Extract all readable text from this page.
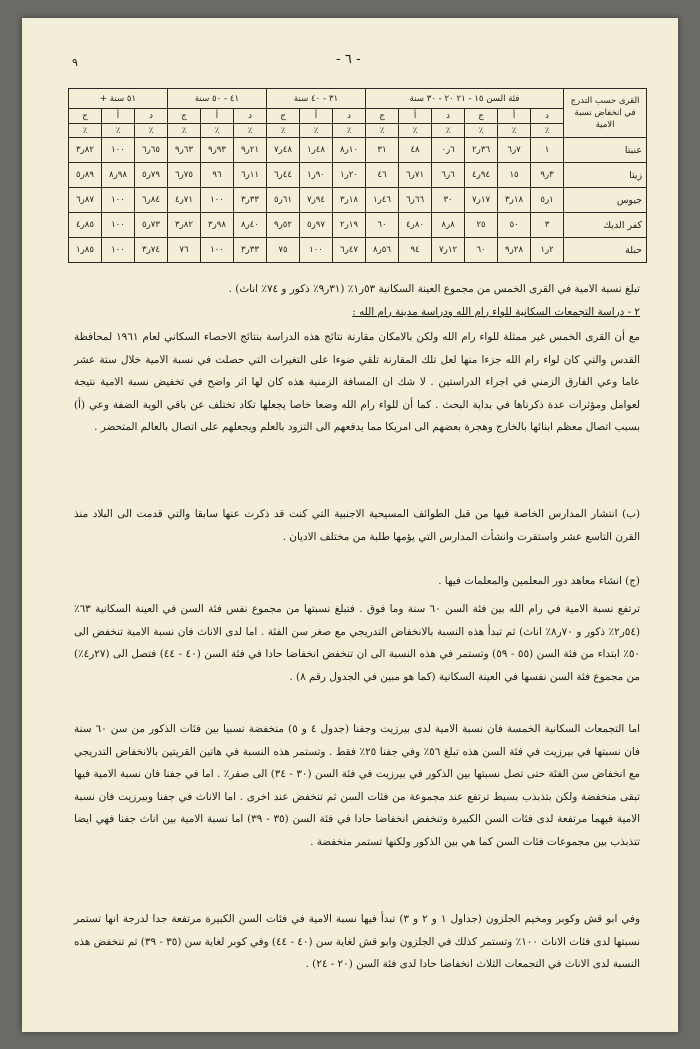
٩	- ٦ -
القرى حسب التدرج في انخفاض نسبة الامية	فئة السن ١٥ - ٢١ ٢٠ - ٣٠ سنة						٣١ - ٤٠ سنة			٤١ - ٥٠ سنة			٥١ سنة +		
	د	أ	ج	د	أ	ج	د	أ	ج	د	أ	ج	د	أ	ج
	٪	٪	٪	٪	٪	٪	٪	٪	٪	٪	٪	٪	٪	٪	٪
عنبتا	١	٧ر٦	٣٦ر٢	٦ر٠	٤٨	٣١	١٠ر٨	٤٨ر١	٤٨ر٧	٢١ر٩	٩٣ر٩	٦٣ر٩	٦٥ر٦	١٠٠	٨٢ر٣
زيتا	٣ر٩	١٥	٩٤ر٤	٦ر٦	٧١ر٦	٤٦	٢٠ر١	٩٠ر١	٤٤ر٦	١١ر٦	٩٦	٧٥ر٦	٧٩ر٥	٩٨ر٨	٨٩ر٥
جيوس	١ر٥	١٨ر٣	١٧ر٧	٣٠	٦٦ر٦	٤٦ر١	١٨ر٣	٩٤ر٧	٦١ر٥	٣٣ر٣	١٠٠	٧١ر٤	٨٤ر٦	١٠٠	٨٧ر٦
كفر الديك	٣	٥٠	٢٥	٨ر٨	٨٠ر٤	٦٠	١٩ر٢	٩٧ر٥	٥٢ر٩	٤٠ر٨	٩٨ر٣	٨٢ر٣	٧٣ر٥	١٠٠	٨٥ر٤
حبلة	٢ر١	٢٨ر٩	٦٠	١٢ر٧	٩٤	٥٦ر٨	٤٧ر٦	١٠٠	٧٥	٣٣ر٣	١٠٠	٧٦	٧٤ر٣	١٠٠	٨٥ر١

تبلغ نسبة الامية في القرى الخمس من مجموع العينة السكانية ٥٣ر١٪ (٣١ر٩٪ ذكور و ٧٤٪ اناث) .

٢ - دراسة التجمعات السكانية للواء رام الله ودراسة مدينة رام الله :

مع أن القرى الخمس غير ممثلة للواء رام الله ولكن بالامكان مقارنة نتائج هذه الدراسة بنتائج الاحصاء السكاني لعام ١٩٦١ لمحافظة القدس والتي كان لواء رام الله جزءا منها لعل تلك المقارنة تلقي ضوءا على التغيرات التي حصلت في نسبة الامية خلال ستة عشر عاما وعي الفارق الزمني في اجراء الدراستين . لا شك ان المسافة الزمنية هذه كان لها اثر واضح في تخفيض نسبة الامية نتيجة لعوامل ومؤثرات عدة ذكرناها في بداية البحث . كما أن للواء رام الله وضعا خاصا يجعلها تكاد تختلف عن باقي الوية الضفة وعي (أ) بسبب اتصال معظم ابنائها بالخارج وهجرة بعضهم الى امريكا مما يدفعهم الى التزود بالعلم ويجعلهم على اتصال بالعالم المتحضر .

(ب) انتشار المدارس الخاصة فيها من قبل الطوائف المسيحية الاجنبية التي كنت قد ذكرت عنها سابقا والتي قدمت الى البلاد منذ القرن التاسع عشر واستقرت وانشأت المدارس التي يؤمها طلبة من مختلف الاديان .

(ج) انشاء معاهد دور المعلمين والمعلمات فيها .

ترتفع نسبة الامية في رام الله بين فئة السن ٦٠ سنة وما فوق . فتبلغ نسبتها من مجموع نفس فئة السن في العينة السكانية ٦٣٪ (٥٤ر٢٪ ذكور و ٧٠ر٨٪ اناث) ثم تبدأ هذه النسبة بالانخفاض التدريجي مع صغر سن الفئة . اما لدى الاناث فان نسبة الامية تنخفض الى ٥٠٪ ابتداء من فئة السن (٥٥ - ٥٩) وتستمر في هذه النسبة الى ان تنخفض انخفاضا حادا في فئة السن (٤٠ - ٤٤) فتصل الى (٢٧ر٤٪) من مجموع فئة السن نفسها في العينة السكانية (كما هو مبين في الجدول رقم ٨) .

اما التجمعات السكانية الخمسة فان نسبة الامية لدى بيرزيت وجفنا (جدول ٤ و ٥) منخفضة نسبيا بين فئات الذكور من سن ٦٠ سنة فان نسبتها في بيرزيت في فئة السن هذه تبلغ ٥٦٪ وفي جفنا ٢٥٪ فقط . وتستمر هذه النسبة في هاتين القريتين بالانخفاض التدريجي مع انخفاض سن الفئة حتى تصل نسبتها بين الذكور في بيرزيت في فئة السن (٣٠ - ٣٤) الى صفر٪ . اما في جفنا فان نسبة الامية فيها تبقى منخفضة ولكن بتذبذب بسيط ترتفع عند مجموعة من فئات السن ثم تنخفض عند اخرى . اما الاناث في جفنا وبيرزيت فان نسبة الامية فيهما مرتفعة لدى فئات السن الكبيرة وتنخفض انخفاضا حادا في فئة السن (٣٥ - ٣٩) اما نسبة الامية بين اناث جفنا فهي ايضا تتذبذب بين مجموعات فئات السن كما هي بين الذكور ولكنها تستمر منخفضة .

وفي ابو قش وكوبر ومخيم الجلزون (جداول ١ و ٢ و ٣) تبدأ فيها نسبة الامية في فئات السن الكبيرة مرتفعة جدا لدرجة انها تستمر نسبتها لدى فئات الاناث ١٠٠٪ وتستمر كذلك في الجلزون وابو قش لغاية سن (٤٠ - ٤٤) وفي كوبر لغاية سن (٣٥ - ٣٩) ثم تنخفض هذه النسبة لدى الاناث في التجمعات الثلاث انخفاضا حادا لدى فئة السن (٢٠ - ٢٤) .
